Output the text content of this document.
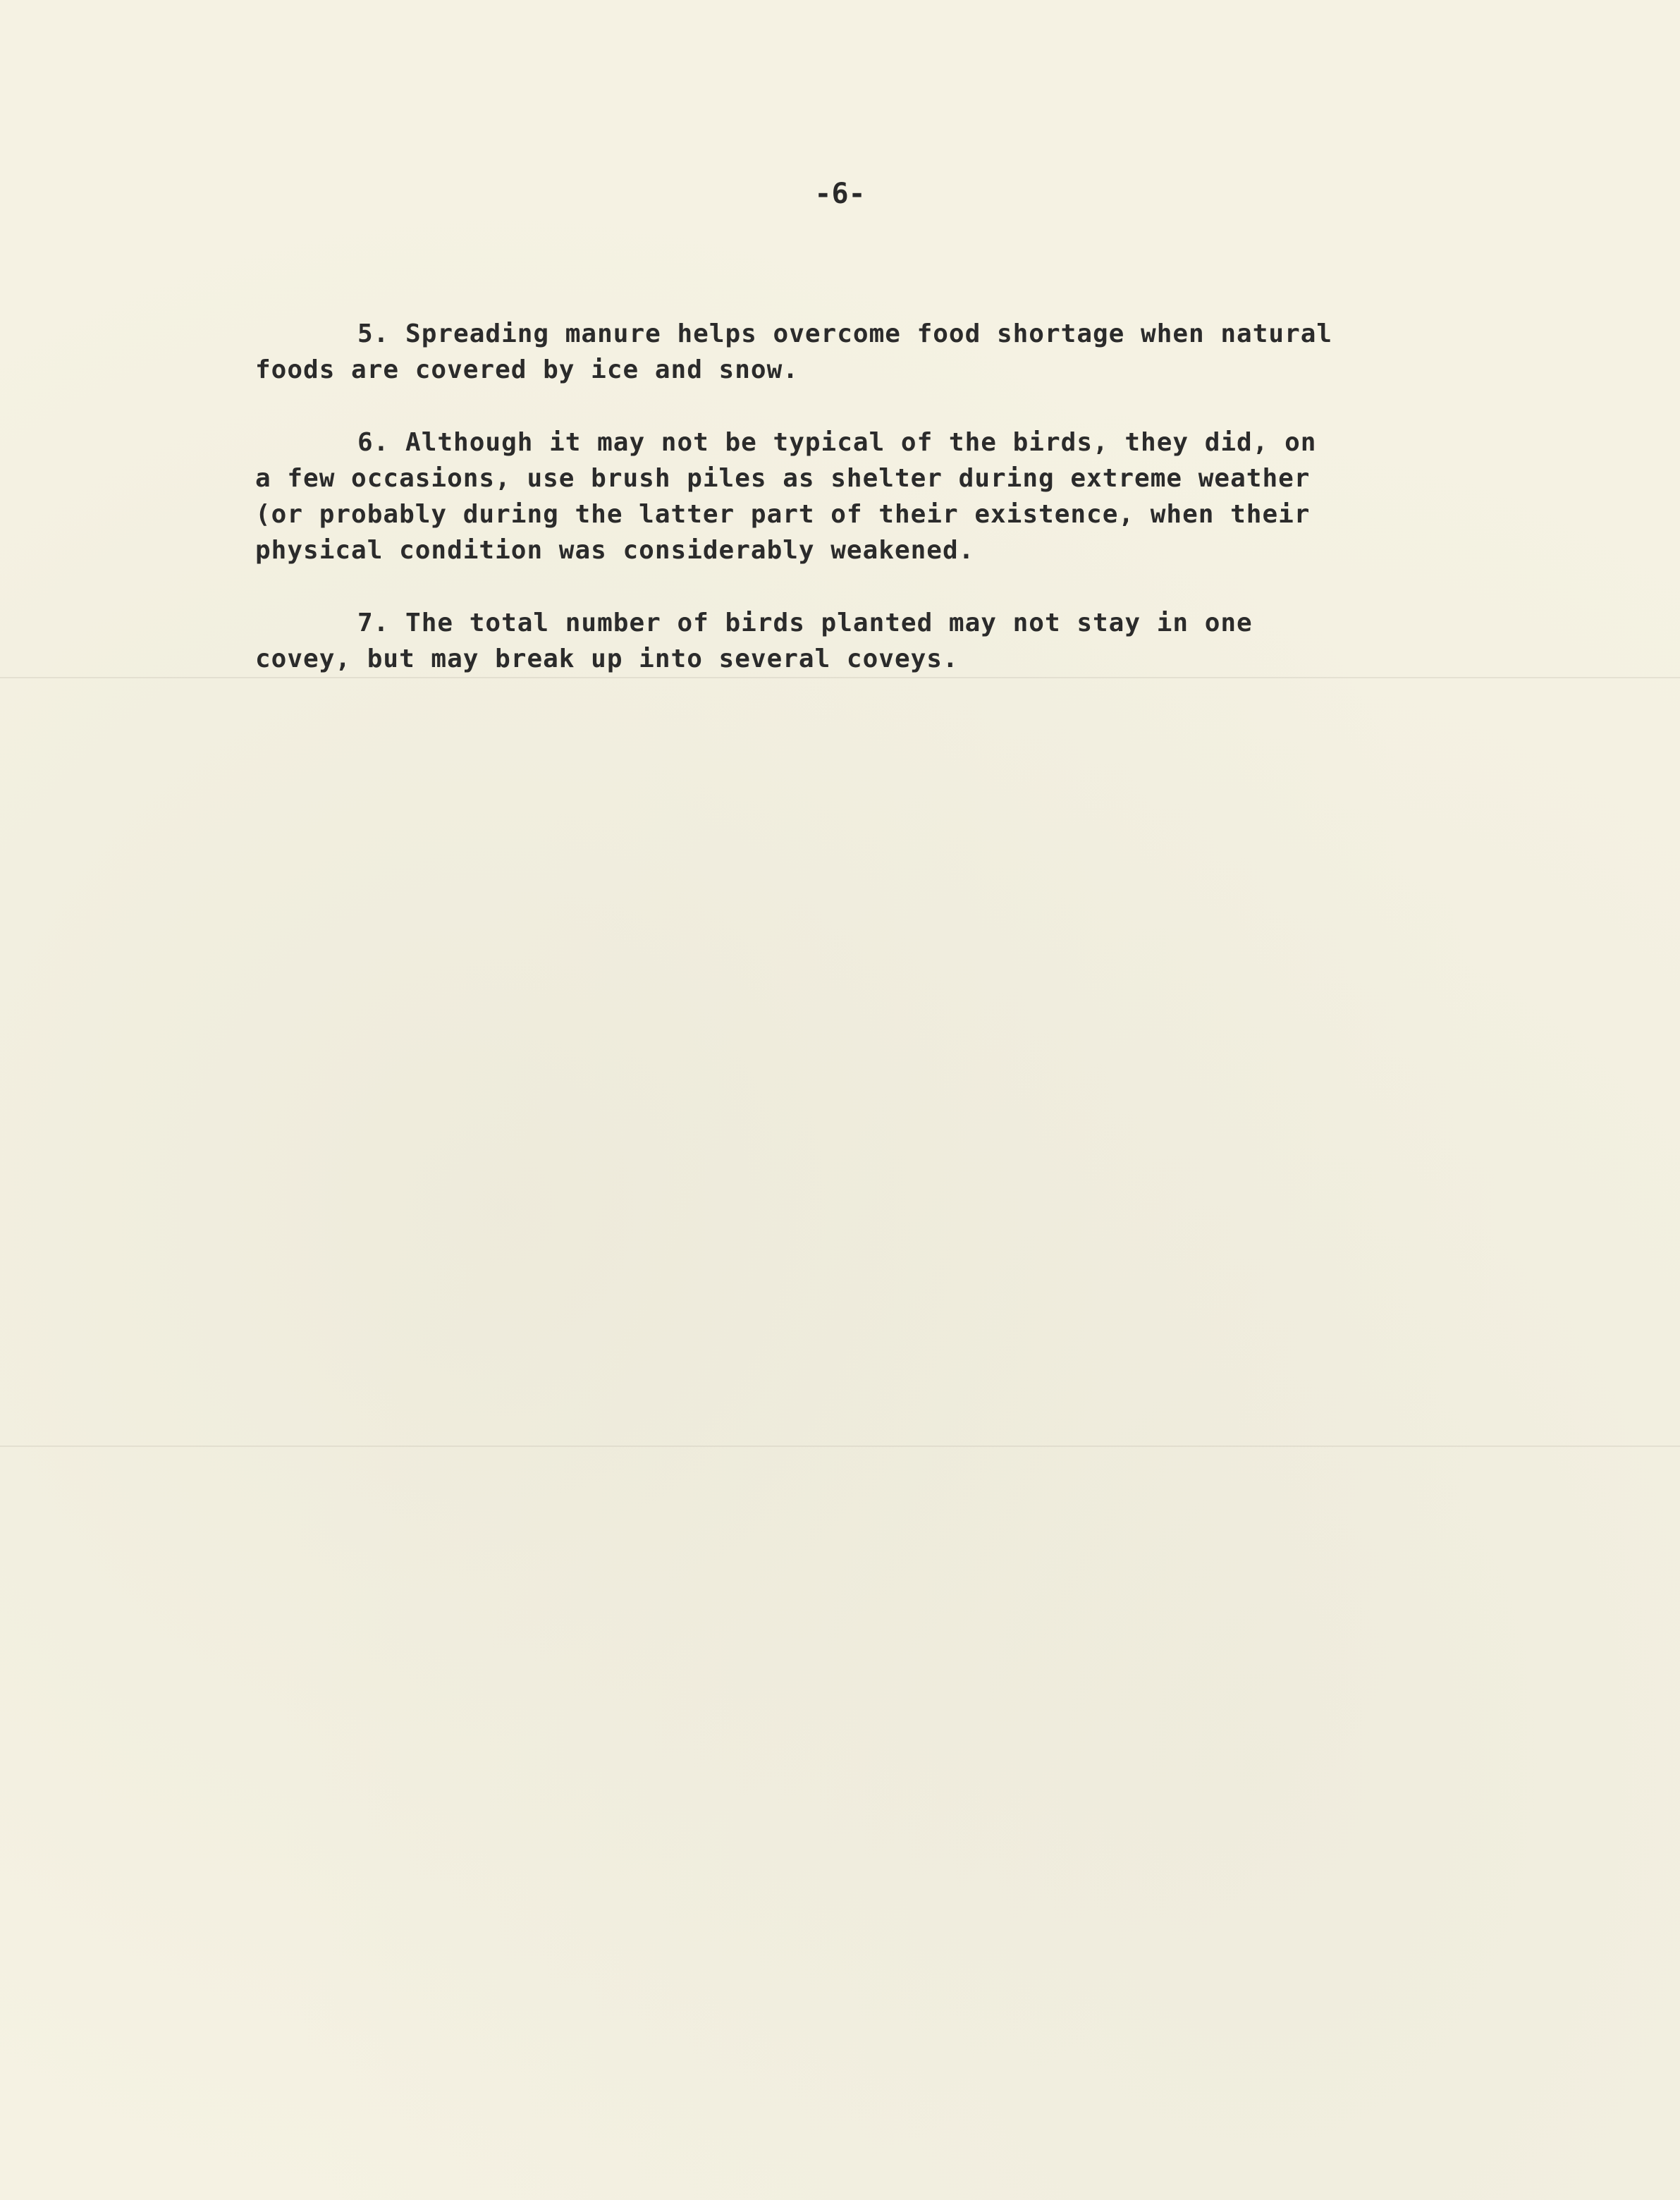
-6-

5. Spreading manure helps overcome food shortage when natural
foods are covered by ice and snow.

6. Although it may not be typical of the birds, they did, on
a few occasions, use brush piles as shelter during extreme weather
(or probably during the latter part of their existence, when their
physical condition was considerably weakened.

7. The total number of birds planted may not stay in one
covey, but may break up into several coveys.
